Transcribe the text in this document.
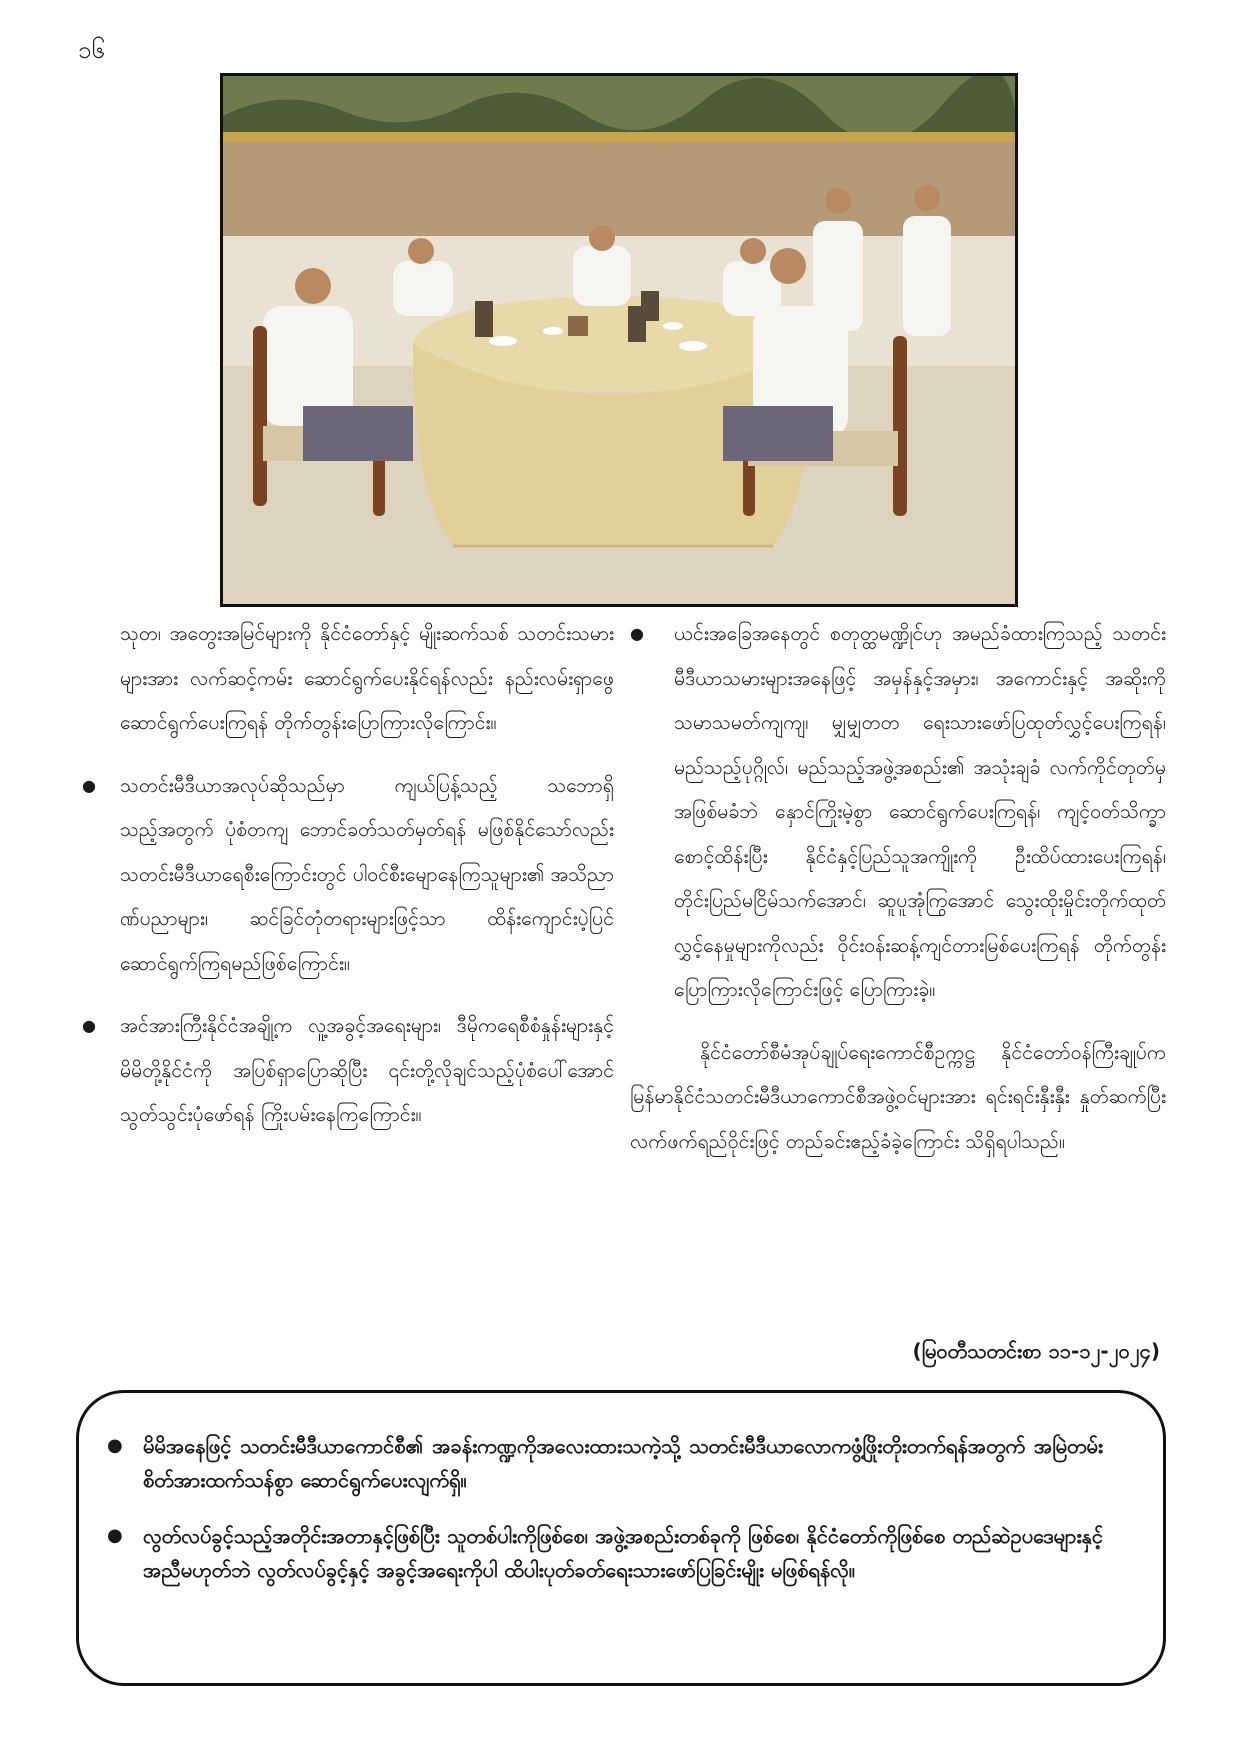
၁၆

သုတ၊ အတွေးအမြင်များကို နိုင်ငံတော်နှင့် မျိုးဆက်သစ် သတင်းသမားများအား လက်ဆင့်ကမ်း ဆောင်ရွက်ပေးနိုင်ရန်လည်း နည်းလမ်းရှာဖွေဆောင်ရွက်ပေးကြရန် တိုက်တွန်းပြောကြားလိုကြောင်း။

● သတင်းမီဒီယာအလုပ်ဆိုသည်မှာ ကျယ်ပြန့်သည့် သဘောရှိသည့်အတွက် ပုံစံတကျ ဘောင်ခတ်သတ်မှတ်ရန် မဖြစ်နိုင်သော်လည်း သတင်းမီဒီယာရေစီးကြောင်းတွင် ပါဝင်စီးမျောနေကြသူများ၏ အသိညာဏ်ပညာများ၊ ဆင်ခြင်တုံတရားများဖြင့်သာ ထိန်းကျောင်းပဲ့ပြင်ဆောင်ရွက်ကြရမည်ဖြစ်ကြောင်း။

● အင်အားကြီးနိုင်ငံအချို့က လူ့အခွင့်အရေးများ၊ ဒီမိုကရေစီစံနှုန်းများနှင့် မိမိတို့နိုင်ငံကို အပြစ်ရှာပြောဆိုပြီး ၎င်းတို့လိုချင်သည့်ပုံစံပေါ်အောင် သွတ်သွင်းပုံဖော်ရန် ကြိုးပမ်းနေကြကြောင်း။

●	ယင်းအခြေအနေတွင် စတုတ္ထမဏ္ဍိုင်ဟု အမည်ခံထားကြသည့် သတင်းမီဒီယာသမားများအနေဖြင့် အမှန်နှင့်အမှား၊ အကောင်းနှင့် အဆိုးကို သမာသမတ်ကျကျ၊ မျှမျှတတ ရေးသားဖော်ပြထုတ်လွှင့်ပေးကြရန်၊ မည်သည့်ပုဂ္ဂိုလ်၊ မည်သည့်အဖွဲ့အစည်း၏ အသုံးချခံ လက်ကိုင်တုတ်မှ အဖြစ်မခံဘဲ နှောင်ကြိုးမဲ့စွာ ဆောင်ရွက်ပေးကြရန်၊ ကျင့်ဝတ်သိက္ခာ စောင့်ထိန်းပြီး နိုင်ငံနှင့်ပြည်သူအကျိုးကို ဦးထိပ်ထားပေးကြရန်၊ တိုင်းပြည်မငြိမ်သက်အောင်၊ ဆူပူအုံကြွအောင် သွေးထိုးမှိုင်းတိုက်ထုတ်လွှင့်နေမှုများကိုလည်း ဝိုင်းဝန်းဆန့်ကျင်တားမြစ်ပေးကြရန် တိုက်တွန်းပြောကြားလိုကြောင်းဖြင့် ပြောကြားခဲ့။

နိုင်ငံတော်စီမံအုပ်ချုပ်ရေးကောင်စီဥက္ကဋ္ဌ နိုင်ငံတော်ဝန်ကြီးချုပ်က မြန်မာနိုင်ငံသတင်းမီဒီယာကောင်စီအဖွဲ့ဝင်များအား ရင်းရင်းနှီးနှီး နှုတ်ဆက်ပြီး လက်ဖက်ရည်ဝိုင်းဖြင့် တည်ခင်းဧည့်ခံခဲ့ကြောင်း သိရှိရပါသည်။

(မြဝတီသတင်းစာ ၁၁-၁၂-၂၀၂၄)
● မိမိအနေဖြင့် သတင်းမီဒီယာကောင်စီ၏ အခန်းကဏ္ဍကိုအလေးထားသကဲ့သို့ သတင်းမီဒီယာလောကဖွံ့ဖြိုးတိုးတက်ရန်အတွက် အမြဲတမ်းစိတ်အားထက်သန်စွာ ဆောင်ရွက်ပေးလျက်ရှိ။
● လွတ်လပ်ခွင့်သည့်အတိုင်းအတာနှင့်ဖြစ်ပြီး သူတစ်ပါးကိုဖြစ်စေ၊ အဖွဲ့အစည်းတစ်ခုကို ဖြစ်စေ၊ နိုင်ငံတော်ကိုဖြစ်စေ တည်ဆဲဥပဒေများနှင့်အညီမဟုတ်ဘဲ လွတ်လပ်ခွင့်နှင့် အခွင့်အရေးကိုပါ ထိပါးပုတ်ခတ်ရေးသားဖော်ပြခြင်းမျိုး မဖြစ်ရန်လို။
